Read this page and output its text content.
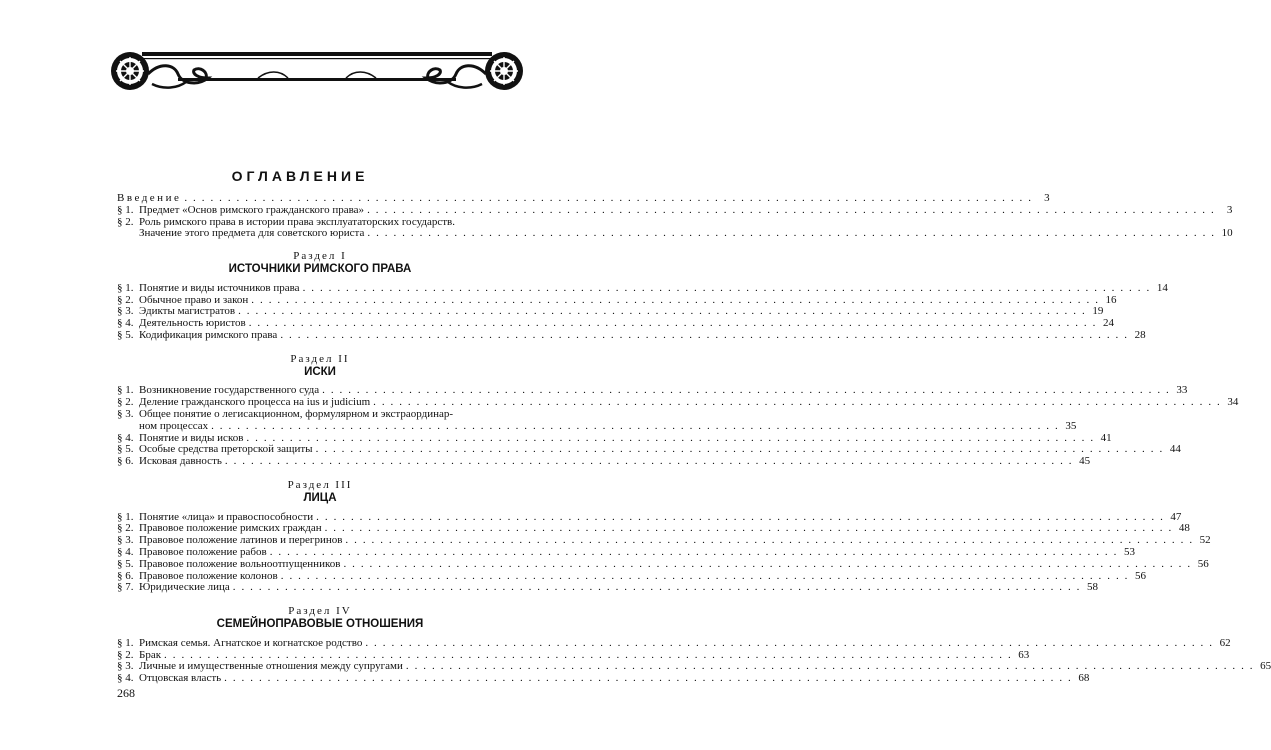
ОГЛАВЛЕНИЕ
Введение . . .	3
§ 1. Предмет «Основ римского гражданского права» . . .	3
§ 2. Роль римского права в истории права эксплуататорских государств.
Значение этого предмета для советского юриста . . .	10
Раздел I
ИСТОЧНИКИ РИМСКОГО ПРАВА
§ 1. Понятие и виды источников права . . .	14
§ 2. Обычное право и закон . . .	16
§ 3. Эдикты магистратов . . .	19
§ 4. Деятельность юристов . . .	24
§ 5. Кодификация римского права . . .	28
Раздел II
ИСКИ
§ 1. Возникновение государственного суда . . .	33
§ 2. Деление гражданского процесса на ius и judicium . . .	34
§ 3. Общее понятие о легисакционном, формулярном и экстраординар-
ном процессах . . .	35
§ 4. Понятие и виды исков . . .	41
§ 5. Особые средства преторской защиты . . .	44
§ 6. Исковая давность . . .	45
Раздел III
ЛИЦА
§ 1. Понятие «лица» и правоспособности . . .	47
§ 2. Правовое положение римских граждан . . .	48
§ 3. Правовое положение латинов и перегринов . . .	52
§ 4. Правовое положение рабов . . .	53
§ 5. Правовое положение вольноотпущенников . . .	56
§ 6. Правовое положение колонов . . .	56
§ 7. Юридические лица . . .	58
Раздел IV
СЕМЕЙНОПРАВОВЫЕ ОТНОШЕНИЯ
§ 1. Римская семья. Агнатское и когнатское родство . . .	62
§ 2. Брак . . .	63
§ 3. Личные и имущественные отношения между супругами . . .	65
§ 4. Отцовская власть . . .	68
268
